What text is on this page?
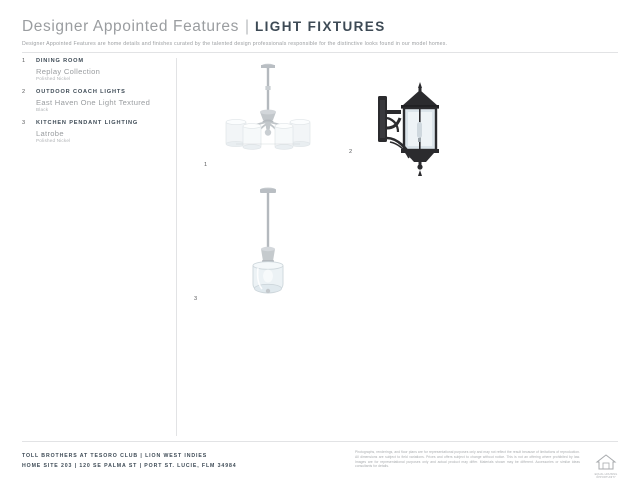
Designer Appointed Features | LIGHT FIXTURES
Designer Appointed Features are home details and finishes curated by the talented design professionals responsible for the distinctive looks found in our model homes.
1 DINING ROOM
Replay Collection
Polished Nickel
2 OUTDOOR COACH LIGHTS
East Haven One Light Textured
Black
3 KITCHEN PENDANT LIGHTING
Latrobe
Polished Nickel
1
2
3
TOLL BROTHERS AT TESORO CLUB | LION WEST INDIES
HOME SITE 203 | 120 SE PALMA ST | PORT ST. LUCIE, FLM 34984
Photographs, renderings, and floor plans are for representational purposes only and may not reflect the result because of limitations of reproduction. All dimensions are subject to field variations. Prices and offers subject to change without notice. This is not an offering where prohibited by law. Images are for representational purposes only and actual product may differ. Materials shown may be different. Accessories or similar ideas consultants for details.
EQUAL HOUSING OPPORTUNITY
